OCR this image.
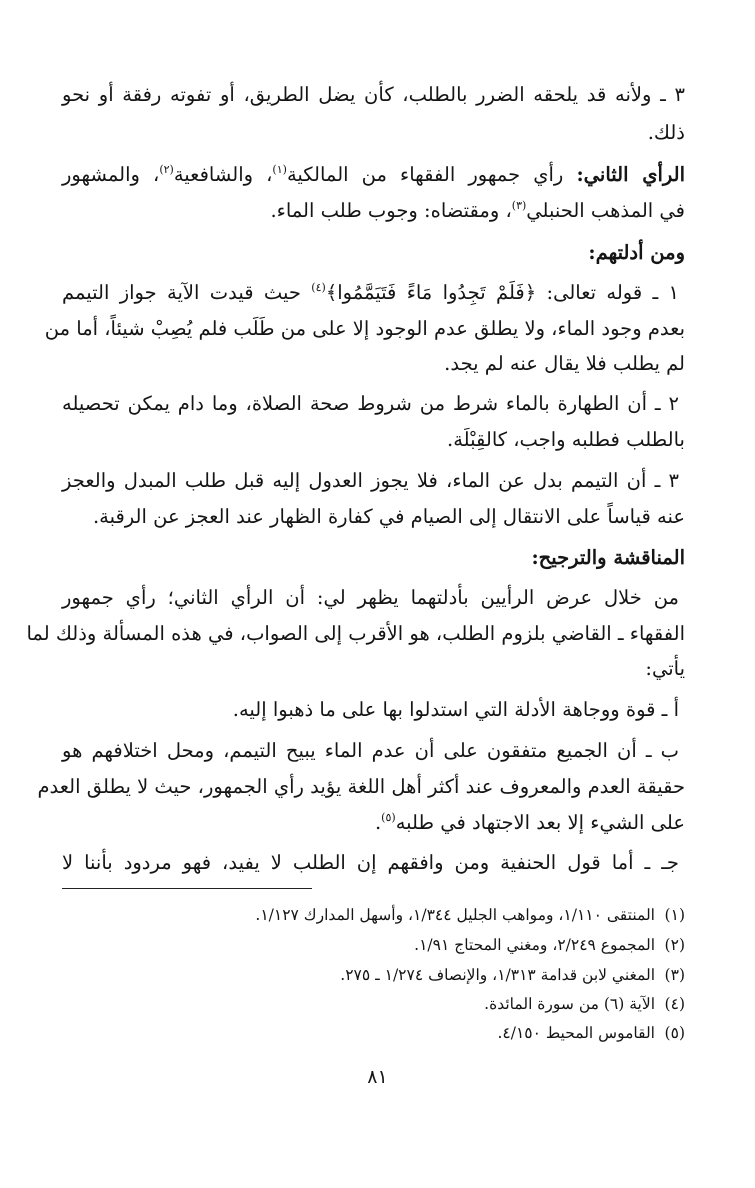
٣ ـ ولأنه قد يلحقه الضرر بالطلب، كأن يضل الطريق، أو تفوته رفقة أو نحو
ذلك.
الرأي الثاني: رأي جمهور الفقهاء من المالكية$^{(١)}$، والشافعية$^{(٢)}$، والمشهور
في المذهب الحنبلي$^{(٣)}$، ومقتضاه: وجوب طلب الماء.
ومن أدلتهم:
١ ـ قوله تعالى: ﴿فَلَمْ تَجِدُوا مَاءً فَتَيَمَّمُوا﴾$^{(٤)}$ حيث قيدت الآية جواز التيمم
بعدم وجود الماء، ولا يطلق عدم الوجود إلا على من طَلَب فلم يُصِبْ شيئاً، أما من
لم يطلب فلا يقال عنه لم يجد.
٢ ـ أن الطهارة بالماء شرط من شروط صحة الصلاة، وما دام يمكن تحصيله
بالطلب فطلبه واجب، كالقِبْلَة.
٣ ـ أن التيمم بدل عن الماء، فلا يجوز العدول إليه قبل طلب المبدل والعجز
عنه قياساً على الانتقال إلى الصيام في كفارة الظهار عند العجز عن الرقبة.
المناقشة والترجيح:
من خلال عرض الرأيين بأدلتهما يظهر لي: أن الرأي الثاني؛ رأي جمهور
الفقهاء ـ القاضي بلزوم الطلب، هو الأقرب إلى الصواب، في هذه المسألة وذلك لما
يأتي:
أ ـ قوة ووجاهة الأدلة التي استدلوا بها على ما ذهبوا إليه.
ب ـ أن الجميع متفقون على أن عدم الماء يبيح التيمم، ومحل اختلافهم هو
حقيقة العدم والمعروف عند أكثر أهل اللغة يؤيد رأي الجمهور، حيث لا يطلق العدم
على الشيء إلا بعد الاجتهاد في طلبه$^{(٥)}$.
جـ ـ أما قول الحنفية ومن وافقهم إن الطلب لا يفيد، فهو مردود بأننا لا
(١)المنتقى ١/١١٠، ومواهب الجليل ١/٣٤٤، وأسهل المدارك ١/١٢٧.
(٢)المجموع ٢/٢٤٩، ومغني المحتاج ١/٩١.
(٣)المغني لابن قدامة ١/٣١٣، والإنصاف ١/٢٧٤ ـ ٢٧٥.
(٤)الآية (٦) من سورة المائدة.
(٥)القاموس المحيط ٤/١٥٠.
٨١
